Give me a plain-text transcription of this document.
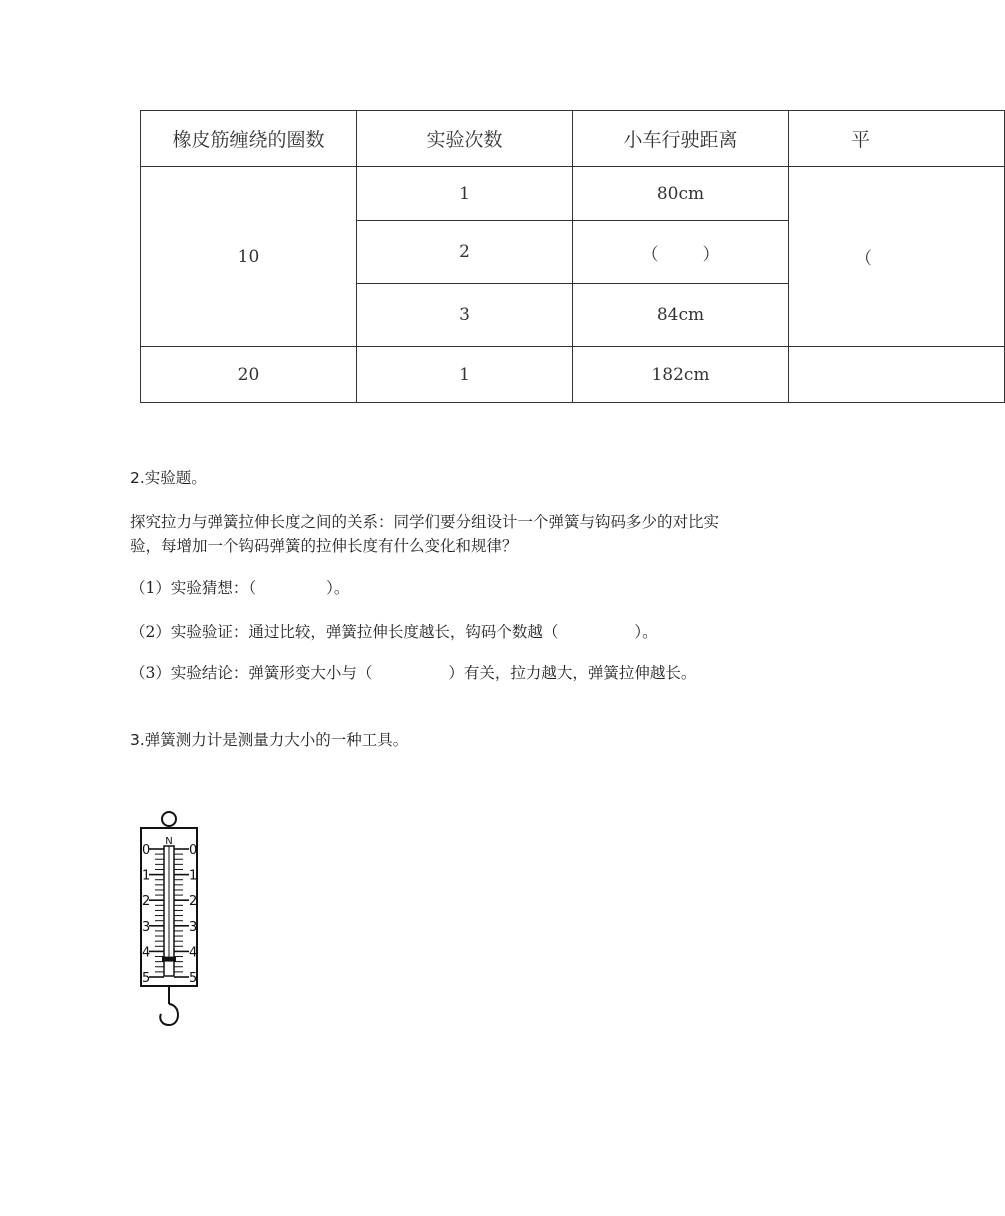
橡皮筋缠绕的圈数	实验次数	小车行驶距离	平
10	1	80cm	（
	2	（ ）	
	3	84cm	
20	1	182cm	
2.实验题。
探究拉力与弹簧拉伸长度之间的关系：同学们要分组设计一个弹簧与钩码多少的对比实验，每增加一个钩码弹簧的拉伸长度有什么变化和规律？
（1）实验猜想：（	）。
（2）实验验证：通过比较，弹簧拉伸长度越长，钩码个数越（	）。
（3）实验结论：弹簧形变大小与（	）有关，拉力越大，弹簧拉伸越长。
3.弹簧测力计是测量力大小的一种工具。
N
0	0
1	1
2	2
3	3
4	4
5	5
